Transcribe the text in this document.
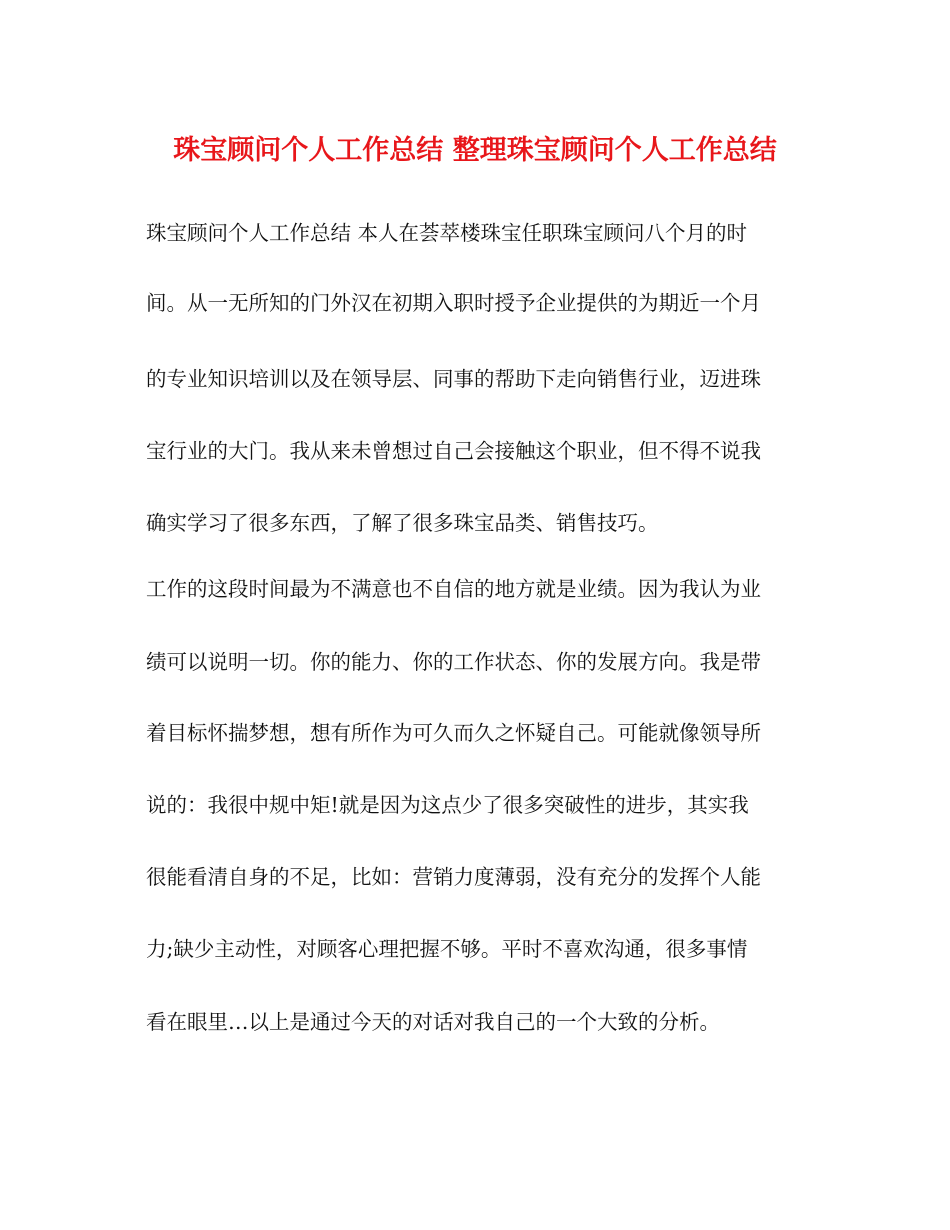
珠宝顾问个人工作总结 整理珠宝顾问个人工作总结

珠宝顾问个人工作总结 本人在荟萃楼珠宝任职珠宝顾问八个月的时

间。从一无所知的门外汉在初期入职时授予企业提供的为期近一个月

的专业知识培训以及在领导层、同事的帮助下走向销售行业，迈进珠

宝行业的大门。我从来未曾想过自己会接触这个职业，但不得不说我

确实学习了很多东西，了解了很多珠宝品类、销售技巧。

工作的这段时间最为不满意也不自信的地方就是业绩。因为我认为业

绩可以说明一切。你的能力、你的工作状态、你的发展方向。我是带

着目标怀揣梦想，想有所作为可久而久之怀疑自己。可能就像领导所

说的：我很中规中矩!就是因为这点少了很多突破性的进步，其实我

很能看清自身的不足，比如：营销力度薄弱，没有充分的发挥个人能

力;缺少主动性，对顾客心理把握不够。平时不喜欢沟通，很多事情

看在眼里…以上是通过今天的对话对我自己的一个大致的分析。
